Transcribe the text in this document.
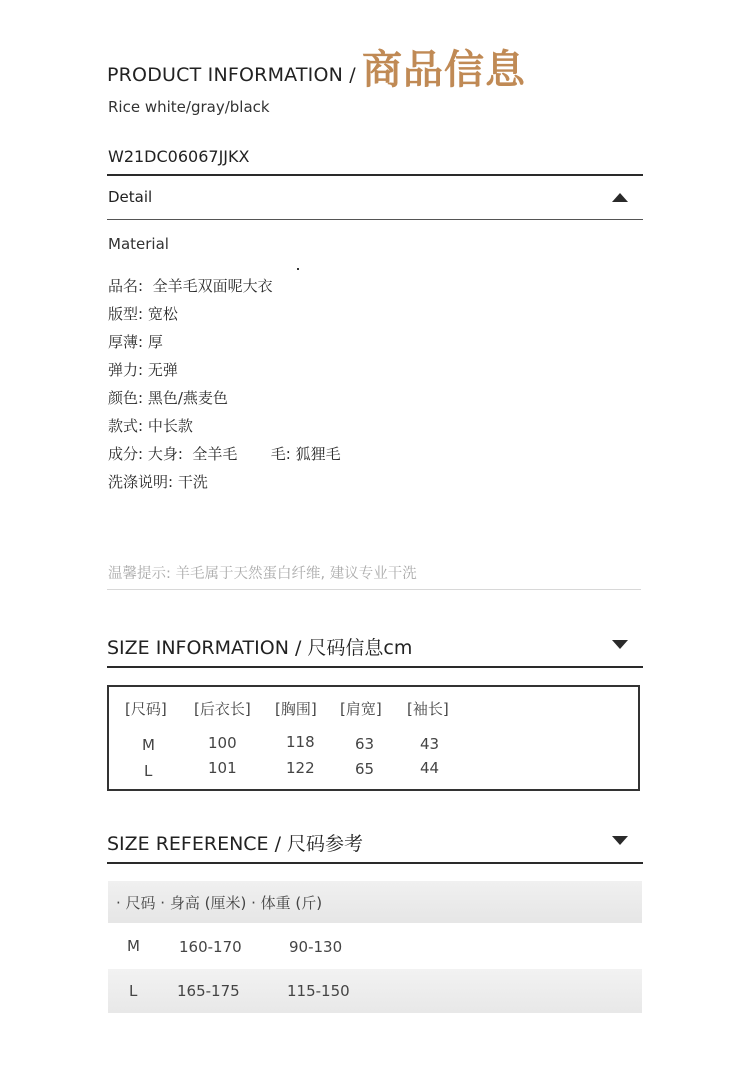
PRODUCT INFORMATION / 商品信息
Rice white/gray/black
W21DC06067JJKX
Detail
Material
品名:  全羊毛双面呢大衣
版型: 宽松
厚薄: 厚
弹力: 无弹
颜色: 黑色/燕麦色
款式: 中长款
成分: 大身:  全羊毛       毛: 狐狸毛
洗涤说明: 干洗
温馨提示: 羊毛属于天然蛋白纤维, 建议专业干洗
SIZE INFORMATION / 尺码信息cm
[尺码] [后衣长] [胸围] [肩宽] [袖长]
M	100	118	63	43
L	101	122	65	44
SIZE REFERENCE / 尺码参考
· 尺码 · 身高 (厘米) · 体重 (斤)
M	160-170	90-130
L	165-175	115-150
